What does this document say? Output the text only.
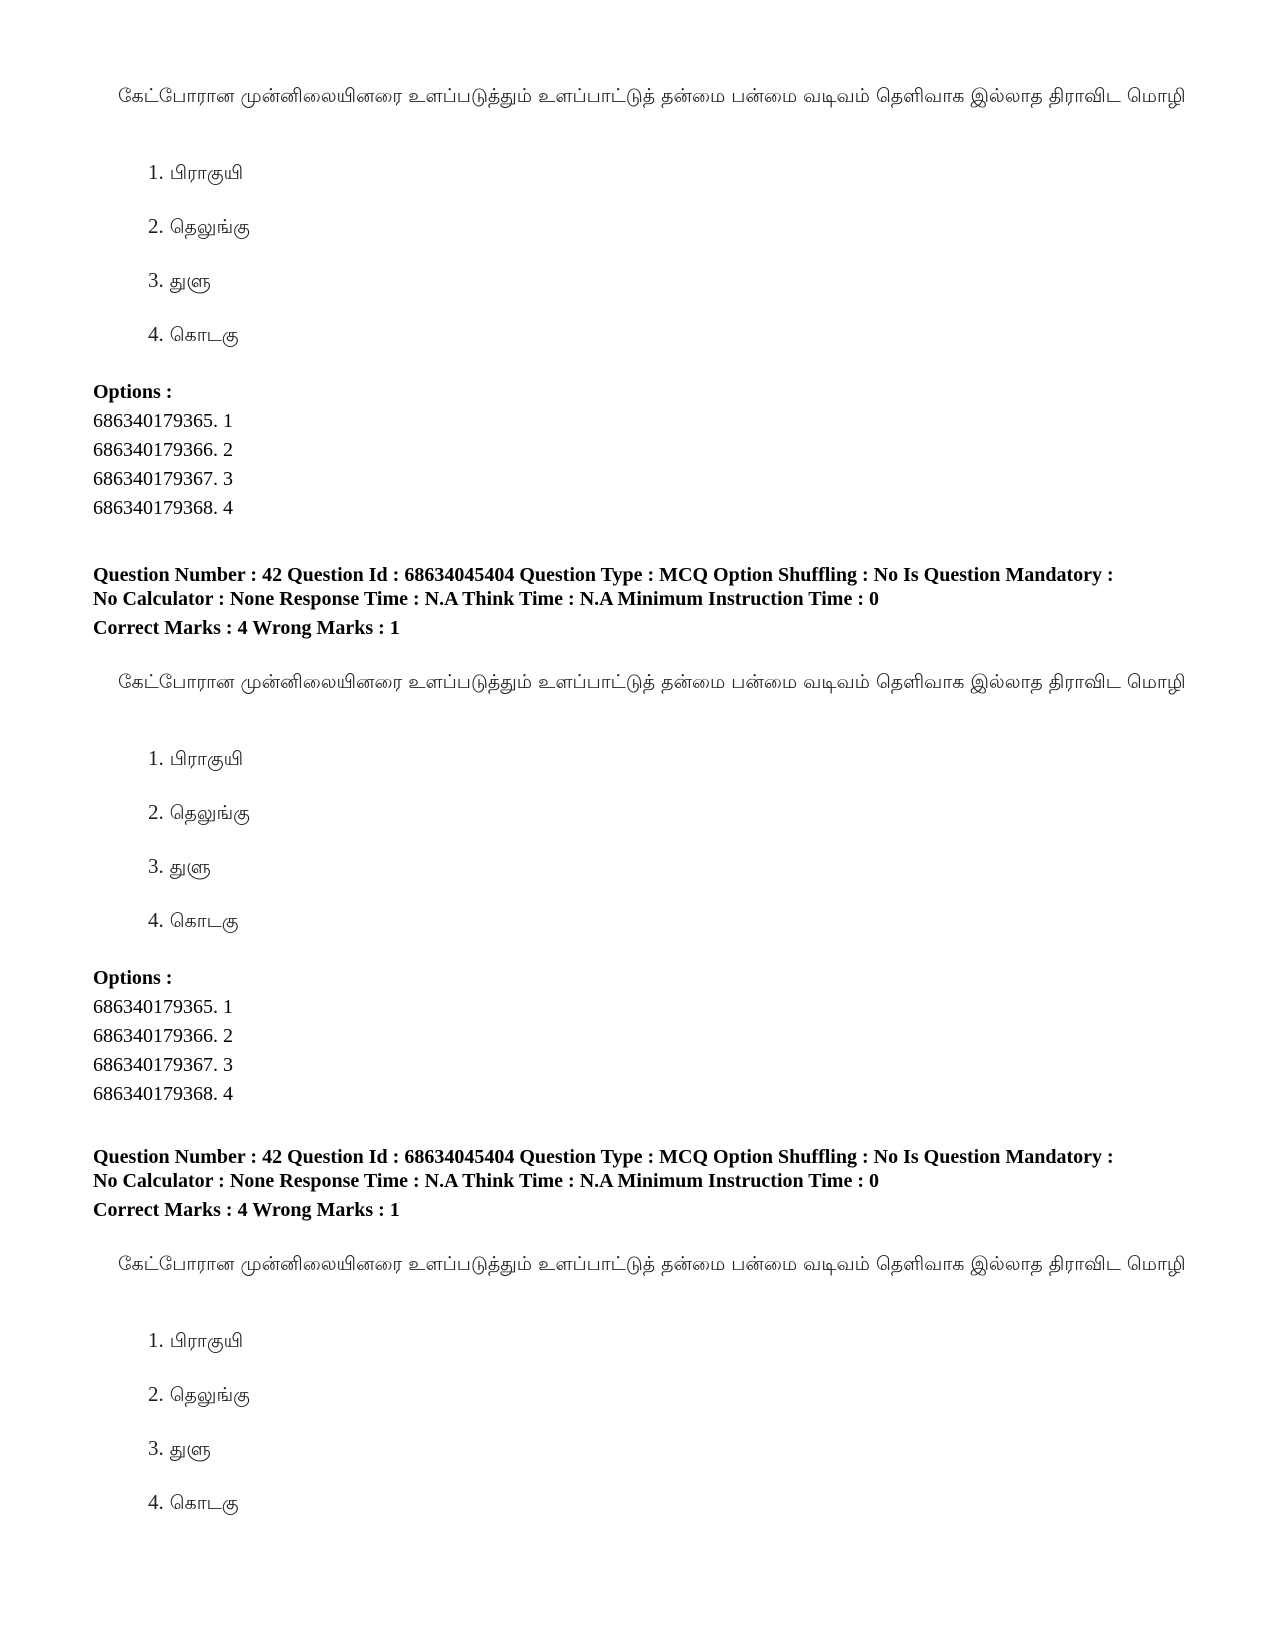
கேட்போரான முன்னிலையினரை உளப்படுத்தும் உளப்பாட்டுத் தன்மை பன்மை வடிவம் தெளிவாக இல்லாத திராவிட மொழி
1. பிராகுயி
2. தெலுங்கு
3. துளு
4. கொடகு
Options :
686340179365. 1
686340179366. 2
686340179367. 3
686340179368. 4
Question Number : 42 Question Id : 68634045404 Question Type : MCQ Option Shuffling : No Is Question Mandatory :
No Calculator : None Response Time : N.A Think Time : N.A Minimum Instruction Time : 0
Correct Marks : 4 Wrong Marks : 1
கேட்போரான முன்னிலையினரை உளப்படுத்தும் உளப்பாட்டுத் தன்மை பன்மை வடிவம் தெளிவாக இல்லாத திராவிட மொழி
1. பிராகுயி
2. தெலுங்கு
3. துளு
4. கொடகு
Options :
686340179365. 1
686340179366. 2
686340179367. 3
686340179368. 4
Question Number : 42 Question Id : 68634045404 Question Type : MCQ Option Shuffling : No Is Question Mandatory :
No Calculator : None Response Time : N.A Think Time : N.A Minimum Instruction Time : 0
Correct Marks : 4 Wrong Marks : 1
கேட்போரான முன்னிலையினரை உளப்படுத்தும் உளப்பாட்டுத் தன்மை பன்மை வடிவம் தெளிவாக இல்லாத திராவிட மொழி
1. பிராகுயி
2. தெலுங்கு
3. துளு
4. கொடகு
